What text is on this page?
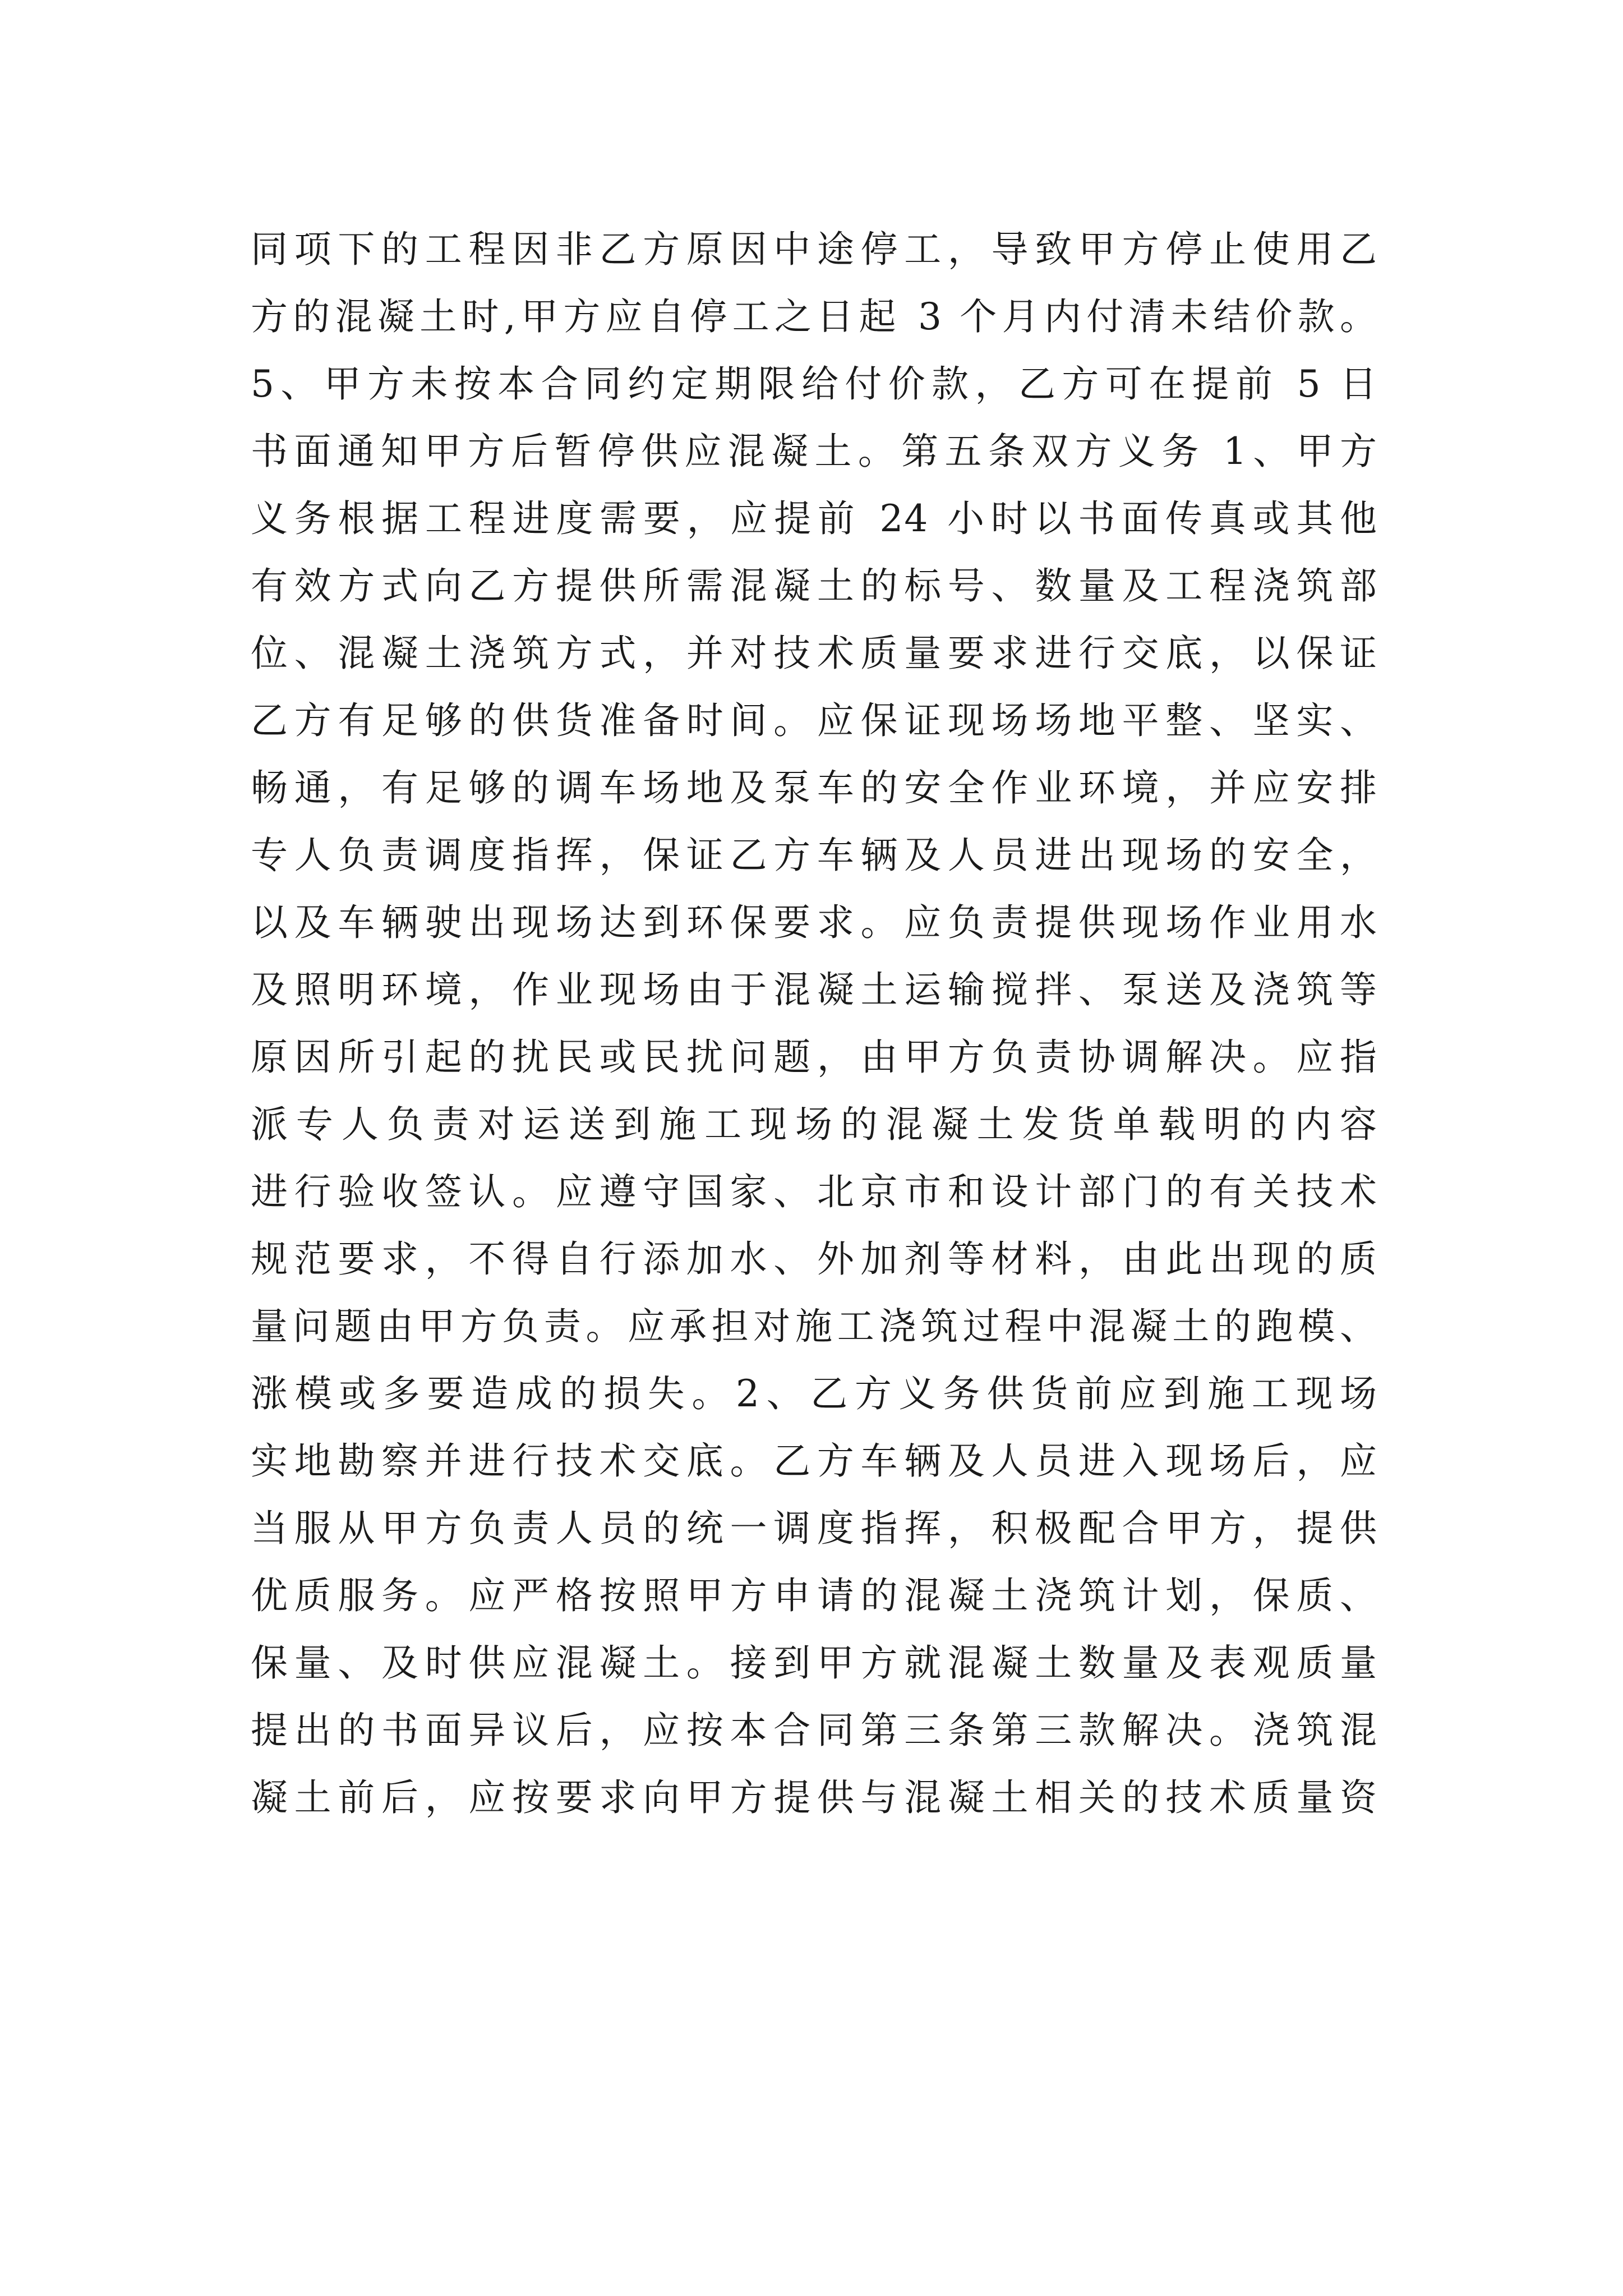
同项下的工程因非乙方原因中途停工，导致甲方停止使用乙
方的混凝土时,甲方应自停工之日起 3 个月内付清未结价款。
5、甲方未按本合同约定期限给付价款，乙方可在提前 5 日
书面通知甲方后暂停供应混凝土。第五条双方义务 1、甲方
义务根据工程进度需要，应提前 24 小时以书面传真或其他
有效方式向乙方提供所需混凝土的标号、数量及工程浇筑部
位、混凝土浇筑方式，并对技术质量要求进行交底，以保证
乙方有足够的供货准备时间。应保证现场场地平整、坚实、
畅通，有足够的调车场地及泵车的安全作业环境，并应安排
专人负责调度指挥，保证乙方车辆及人员进出现场的安全，
以及车辆驶出现场达到环保要求。应负责提供现场作业用水
及照明环境，作业现场由于混凝土运输搅拌、泵送及浇筑等
原因所引起的扰民或民扰问题，由甲方负责协调解决。应指
派专人负责对运送到施工现场的混凝土发货单载明的内容
进行验收签认。应遵守国家、北京市和设计部门的有关技术
规范要求，不得自行添加水、外加剂等材料，由此出现的质
量问题由甲方负责。应承担对施工浇筑过程中混凝土的跑模、
涨模或多要造成的损失。2、乙方义务供货前应到施工现场
实地勘察并进行技术交底。乙方车辆及人员进入现场后，应
当服从甲方负责人员的统一调度指挥，积极配合甲方，提供
优质服务。应严格按照甲方申请的混凝土浇筑计划，保质、
保量、及时供应混凝土。接到甲方就混凝土数量及表观质量
提出的书面异议后，应按本合同第三条第三款解决。浇筑混
凝土前后，应按要求向甲方提供与混凝土相关的技术质量资
